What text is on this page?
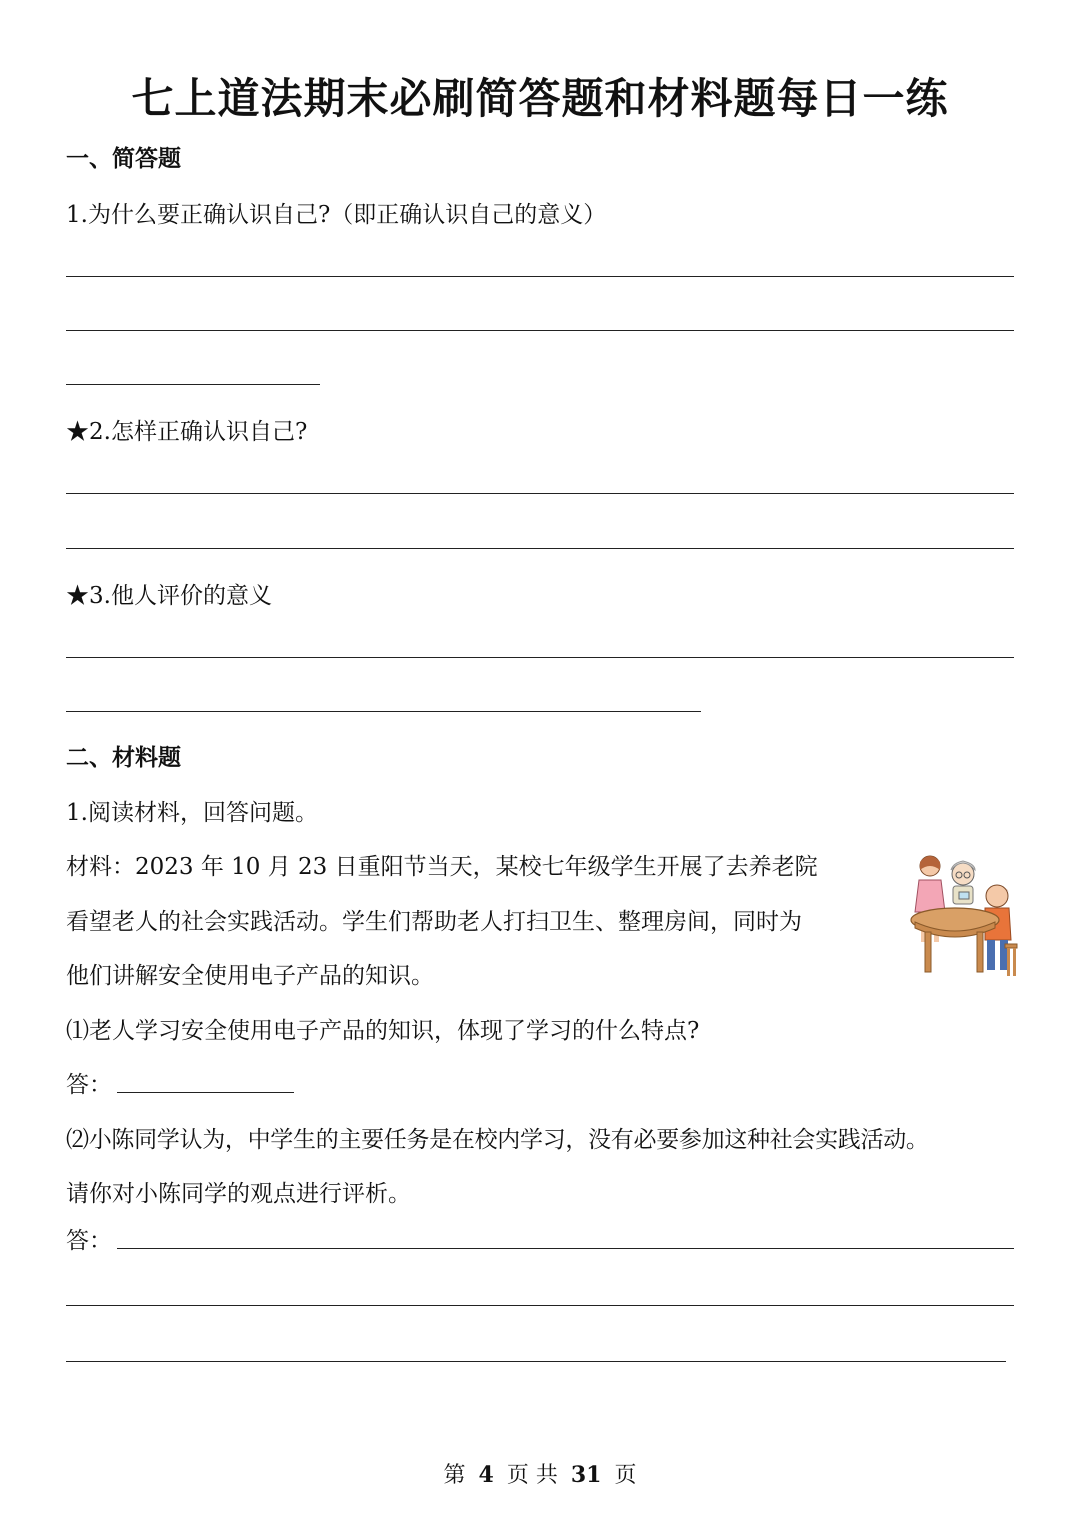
七上道法期末必刷简答题和材料题每日一练
一、简答题
1.为什么要正确认识自己?（即正确认识自己的意义）
★2.怎样正确认识自己?
★3.他人评价的意义
二、材料题
1.阅读材料，回答问题。
材料：2023 年 10 月 23 日重阳节当天，某校七年级学生开展了去养老院
看望老人的社会实践活动。学生们帮助老人打扫卫生、整理房间，同时为
他们讲解安全使用电子产品的知识。
⑴老人学习安全使用电子产品的知识，体现了学习的什么特点?
答：
⑵小陈同学认为，中学生的主要任务是在校内学习，没有必要参加这种社会实践活动。
请你对小陈同学的观点进行评析。
答：
第 4 页 共 31 页
